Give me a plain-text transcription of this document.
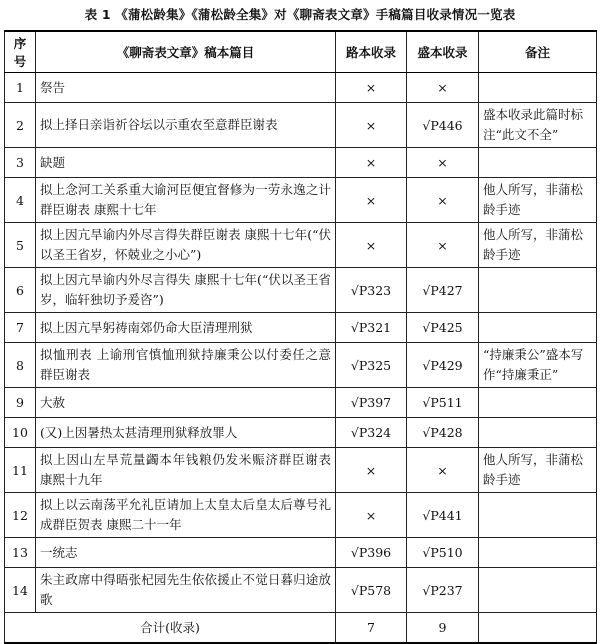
表 1 《蒲松龄集》《蒲松龄全集》对《聊斋表文章》手稿篇目收录情况一览表
序号	《聊斋表文章》稿本篇目	路本收录	盛本收录	备注
1	祭告	×	×	
2	拟上择日亲诣祈谷坛以示重农至意群臣谢表	×	√P446	盛本收录此篇时标注“此文不全”
3	缺题	×	×	
4	拟上念河工关系重大谕河臣便宜督修为一劳永逸之计群臣谢表 康熙十七年	×	×	他人所写，非蒲松龄手迹
5	拟上因亢旱谕内外尽言得失群臣谢表 康熙十七年(“伏以圣王省岁，怀兢业之小心”)	×	×	他人所写，非蒲松龄手迹
6	拟上因亢旱谕内外尽言得失 康熙十七年(“伏以圣王省岁，临轩独切予爰咨”)	√P323	√P427	
7	拟上因亢旱躬祷南郊仍命大臣清理刑狱	√P321	√P425	
8	拟恤刑表 上谕刑官慎恤刑狱持廉秉公以付委任之意群臣谢表	√P325	√P429	“持廉秉公”盛本写作“持廉秉正”
9	大赦	√P397	√P511	
10	(又)上因暑热太甚清理刑狱释放罪人	√P324	√P428	
11	拟上因山左旱荒量蠲本年钱粮仍发米赈济群臣谢表 康熙十九年	×	×	他人所写，非蒲松龄手迹
12	拟上以云南荡平允礼臣请加上太皇太后皇太后尊号礼成群臣贺表 康熙二十一年	×	√P441	
13	一统志	√P396	√P510	
14	朱主政席中得晤张杞园先生依依援止不觉日暮归途放歌	√P578	√P237	
合计(收录)		7	9	
